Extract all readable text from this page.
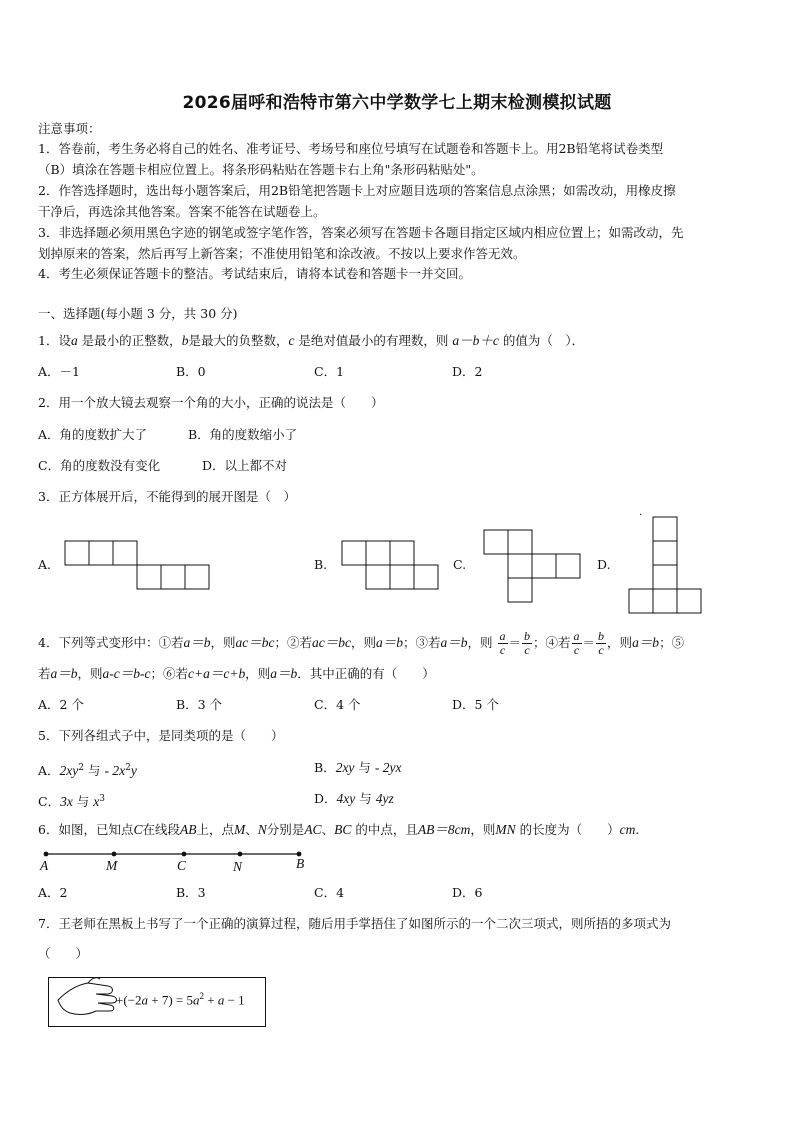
2026届呼和浩特市第六中学数学七上期末检测模拟试题
注意事项：
1．答卷前，考生务必将自己的姓名、准考证号、考场号和座位号填写在试题卷和答题卡上。用2B铅笔将试卷类型
（B）填涂在答题卡相应位置上。将条形码粘贴在答题卡右上角"条形码粘贴处"。
2．作答选择题时，选出每小题答案后，用2B铅笔把答题卡上对应题目选项的答案信息点涂黑；如需改动，用橡皮擦
干净后，再选涂其他答案。答案不能答在试题卷上。
3．非选择题必须用黑色字迹的钢笔或签字笔作答，答案必须写在答题卡各题目指定区域内相应位置上；如需改动，先
划掉原来的答案，然后再写上新答案；不准使用铅笔和涂改液。不按以上要求作答无效。
4．考生必须保证答题卡的整洁。考试结束后，请将本试卷和答题卡一并交回。
一、选择题(每小题 3 分，共 30 分)
1．设a 是最小的正整数，b是最大的负整数，c 是绝对值最小的有理数，则 a－b＋c 的值为（　）．
A．－1	B．0	C．1	D．2
2．用一个放大镜去观察一个角的大小，正确的说法是（　　）
A．角的度数扩大了	B．角的度数缩小了
C．角的度数没有变化	D．以上都不对
3．正方体展开后，不能得到的展开图是（　）
A.	B.	C.	D.
·
4．下列等式变形中：①若a＝b，则ac＝bc；②若ac＝bc，则a＝b；③若a＝b，则 $\frac{a}{c} = \frac{b}{c}$ ；④若 $\frac{a}{c} = \frac{b}{c}$ ，则a＝b；⑤
若a＝b，则a-c＝b-c；⑥若c+a＝c+b，则a＝b．其中正确的有（　　）
A．2 个	B．3 个	C．4 个	D．5 个
5．下列各组式子中，是同类项的是（　　）
A．$2xy^2$ 与 - $2x^2y$	B．2xy 与 - 2yx
C．3x 与 $x^3$	D．4xy 与 4yz
6．如图，已知点C在线段AB上，点M、N分别是AC、BC 的中点，且AB＝8cm，则MN 的长度为（　　）cm.
A	M	C	N	B
A．2	B．3	C．4	D．6
7．王老师在黑板上书写了一个正确的演算过程，随后用手掌捂住了如图所示的一个二次三项式，则所捂的多项式为
（　　）
$+(-2a + 7) = 5a^2 + a - 1$
